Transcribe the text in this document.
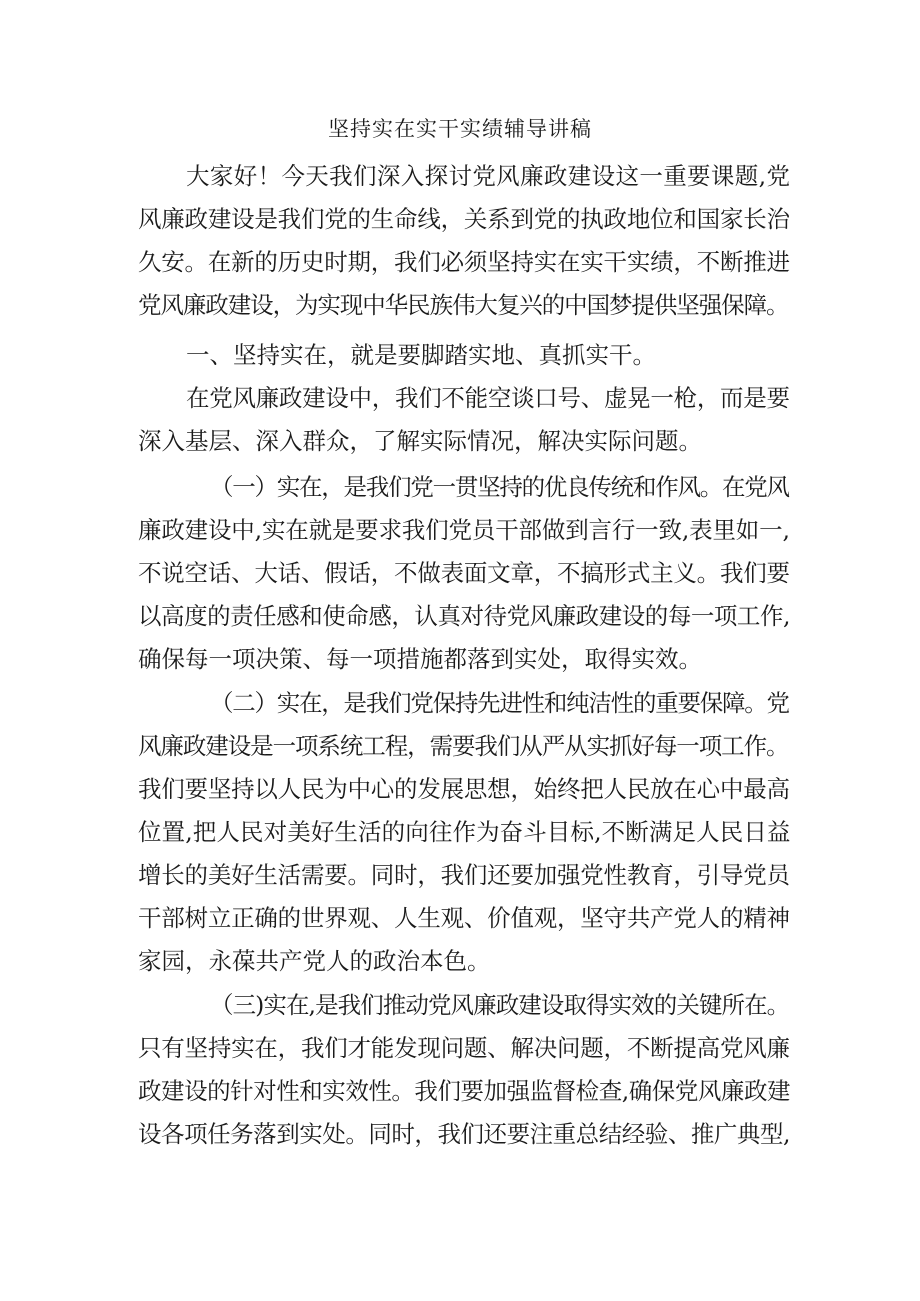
坚持实在实干实绩辅导讲稿
大家好！今天我们深入探讨党风廉政建设这一重要课题,党
风廉政建设是我们党的生命线，关系到党的执政地位和国家长治
久安。在新的历史时期，我们必须坚持实在实干实绩，不断推进
党风廉政建设，为实现中华民族伟大复兴的中国梦提供坚强保障。
一、坚持实在，就是要脚踏实地、真抓实干。
在党风廉政建设中，我们不能空谈口号、虚晃一枪，而是要
深入基层、深入群众，了解实际情况，解决实际问题。
（一）实在，是我们党一贯坚持的优良传统和作风。在党风
廉政建设中,实在就是要求我们党员干部做到言行一致,表里如一,
不说空话、大话、假话，不做表面文章，不搞形式主义。我们要
以高度的责任感和使命感，认真对待党风廉政建设的每一项工作,
确保每一项决策、每一项措施都落到实处，取得实效。
（二）实在，是我们党保持先进性和纯洁性的重要保障。党
风廉政建设是一项系统工程，需要我们从严从实抓好每一项工作。
我们要坚持以人民为中心的发展思想，始终把人民放在心中最高
位置,把人民对美好生活的向往作为奋斗目标,不断满足人民日益
增长的美好生活需要。同时，我们还要加强党性教育，引导党员
干部树立正确的世界观、人生观、价值观，坚守共产党人的精神
家园，永葆共产党人的政治本色。
（三)实在,是我们推动党风廉政建设取得实效的关键所在。
只有坚持实在，我们才能发现问题、解决问题，不断提高党风廉
政建设的针对性和实效性。我们要加强监督检查,确保党风廉政建
设各项任务落到实处。同时，我们还要注重总结经验、推广典型,
